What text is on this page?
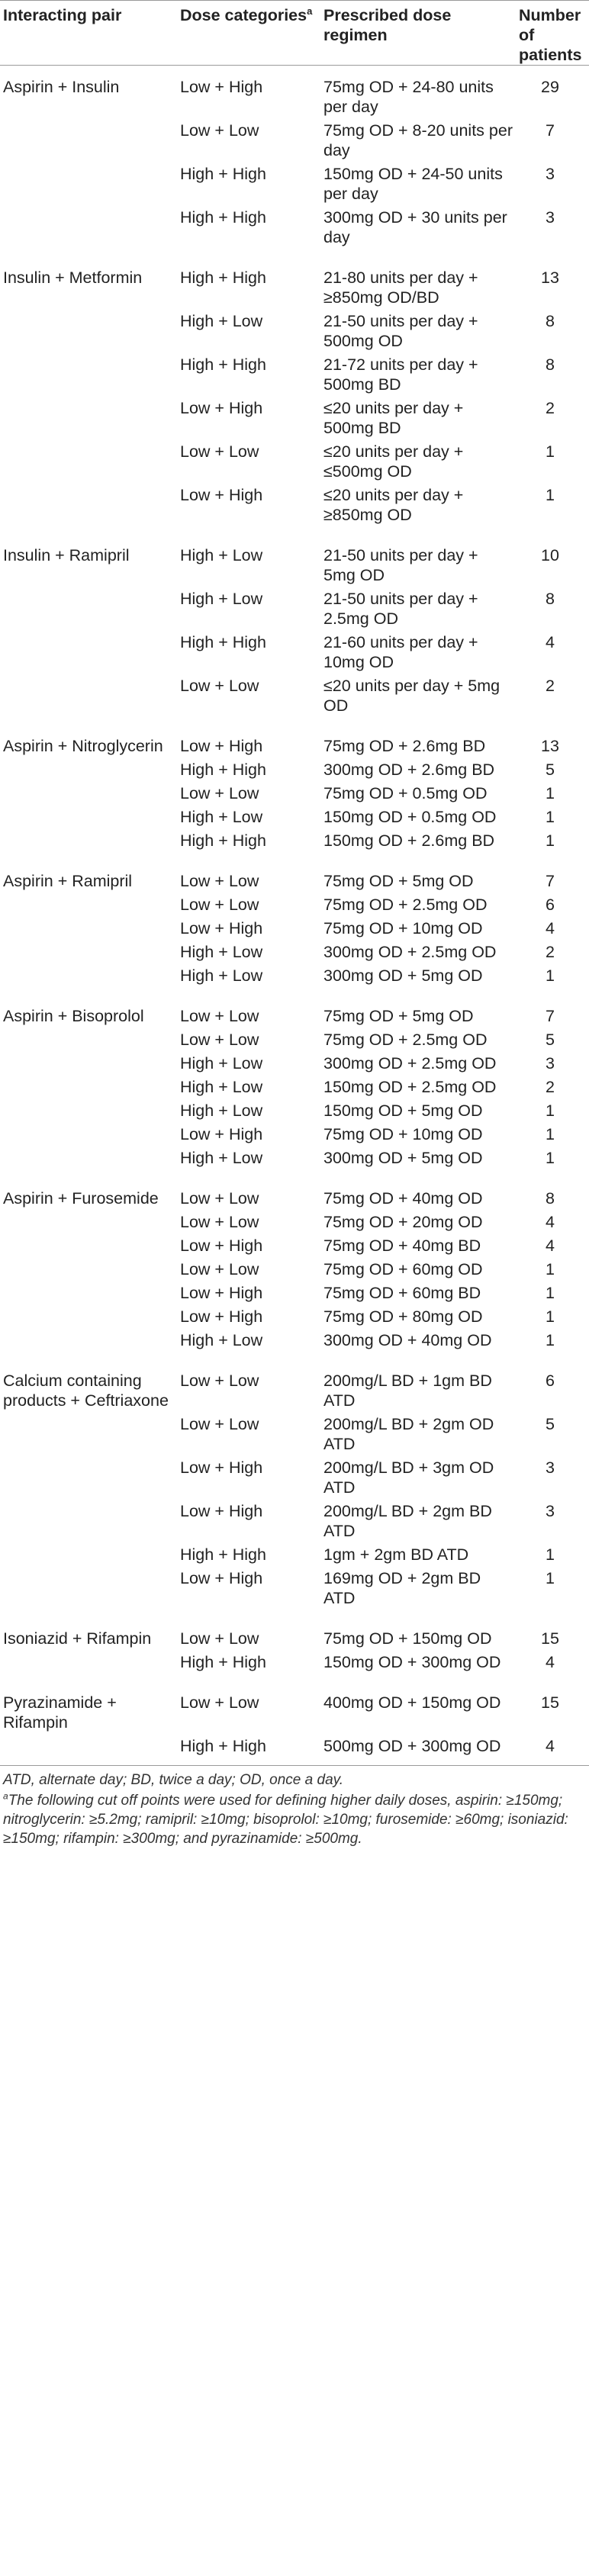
Interacting pair	Dose categories$^a$	Prescribed dose regimen	Number of patients
Aspirin + Insulin	Low + High	75mg OD + 24-80 units per day	29
	Low + Low	75mg OD + 8-20 units per day	7
	High + High	150mg OD + 24-50 units per day	3
	High + High	300mg OD + 30 units per day	3
Insulin + Metformin	High + High	21-80 units per day + ≥850mg OD/BD	13
	High + Low	21-50 units per day + 500mg OD	8
	High + High	21-72 units per day + 500mg BD	8
	Low + High	≤20 units per day + 500mg BD	2
	Low + Low	≤20 units per day + ≤500mg OD	1
	Low + High	≤20 units per day + ≥850mg OD	1
Insulin + Ramipril	High + Low	21-50 units per day + 5mg OD	10
	High + Low	21-50 units per day + 2.5mg OD	8
	High + High	21-60 units per day + 10mg OD	4
	Low + Low	≤20 units per day + 5mg OD	2
Aspirin + Nitroglycerin	Low + High	75mg OD + 2.6mg BD	13
	High + High	300mg OD + 2.6mg BD	5
	Low + Low	75mg OD + 0.5mg OD	1
	High + Low	150mg OD + 0.5mg OD	1
	High + High	150mg OD + 2.6mg BD	1
Aspirin + Ramipril	Low + Low	75mg OD + 5mg OD	7
	Low + Low	75mg OD + 2.5mg OD	6
	Low + High	75mg OD + 10mg OD	4
	High + Low	300mg OD + 2.5mg OD	2
	High + Low	300mg OD + 5mg OD	1
Aspirin + Bisoprolol	Low + Low	75mg OD + 5mg OD	7
	Low + Low	75mg OD + 2.5mg OD	5
	High + Low	300mg OD + 2.5mg OD	3
	High + Low	150mg OD + 2.5mg OD	2
	High + Low	150mg OD + 5mg OD	1
	Low + High	75mg OD + 10mg OD	1
	High + Low	300mg OD + 5mg OD	1
Aspirin + Furosemide	Low + Low	75mg OD + 40mg OD	8
	Low + Low	75mg OD + 20mg OD	4
	Low + High	75mg OD + 40mg BD	4
	Low + Low	75mg OD + 60mg OD	1
	Low + High	75mg OD + 60mg BD	1
	Low + High	75mg OD + 80mg OD	1
	High + Low	300mg OD + 40mg OD	1
Calcium containing products + Ceftriaxone	Low + Low	200mg/L BD + 1gm BD ATD	6
	Low + Low	200mg/L BD + 2gm OD ATD	5
	Low + High	200mg/L BD + 3gm OD ATD	3
	Low + High	200mg/L BD + 2gm BD ATD	3
	High + High	1gm + 2gm BD ATD	1
	Low + High	169mg OD + 2gm BD ATD	1
Isoniazid + Rifampin	Low + Low	75mg OD + 150mg OD	15
	High + High	150mg OD + 300mg OD	4
Pyrazinamide + Rifampin	Low + Low	400mg OD + 150mg OD	15
	High + High	500mg OD + 300mg OD	4

ATD, alternate day; BD, twice a day; OD, once a day.

$^a$The following cut off points were used for defining higher daily doses, aspirin: ≥150mg; nitroglycerin: ≥5.2mg; ramipril: ≥10mg; bisoprolol: ≥10mg; furosemide: ≥60mg; isoniazid: ≥150mg; rifampin: ≥300mg; and pyrazinamide: ≥500mg.
